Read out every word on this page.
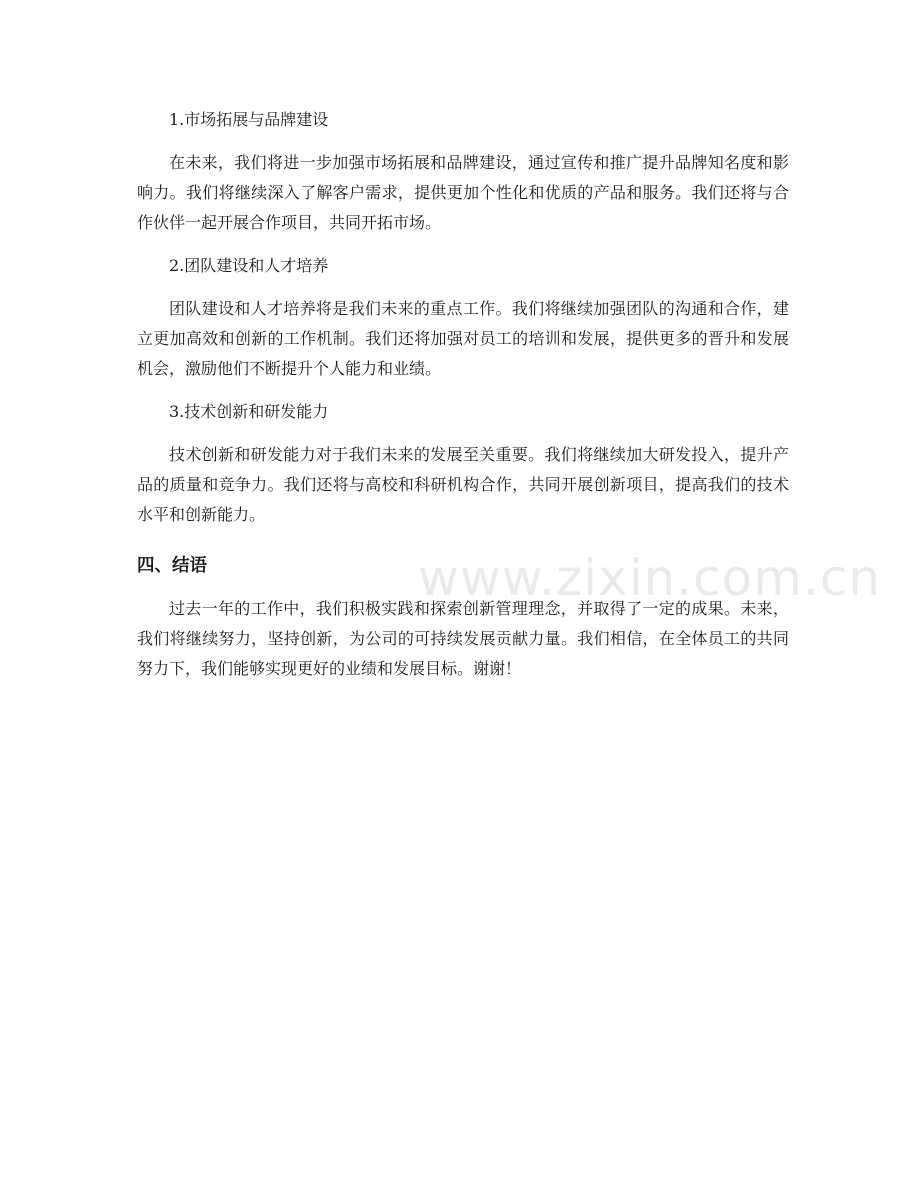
1.市场拓展与品牌建设

在未来，我们将进一步加强市场拓展和品牌建设，通过宣传和推广提升品牌知名度和影响力。我们将继续深入了解客户需求，提供更加个性化和优质的产品和服务。我们还将与合作伙伴一起开展合作项目，共同开拓市场。

2.团队建设和人才培养

团队建设和人才培养将是我们未来的重点工作。我们将继续加强团队的沟通和合作，建立更加高效和创新的工作机制。我们还将加强对员工的培训和发展，提供更多的晋升和发展机会，激励他们不断提升个人能力和业绩。

3.技术创新和研发能力

技术创新和研发能力对于我们未来的发展至关重要。我们将继续加大研发投入，提升产品的质量和竞争力。我们还将与高校和科研机构合作，共同开展创新项目，提高我们的技术水平和创新能力。

四、结语

过去一年的工作中，我们积极实践和探索创新管理理念，并取得了一定的成果。未来，我们将继续努力，坚持创新，为公司的可持续发展贡献力量。我们相信，在全体员工的共同努力下，我们能够实现更好的业绩和发展目标。谢谢！

www.zixin.com.cn
